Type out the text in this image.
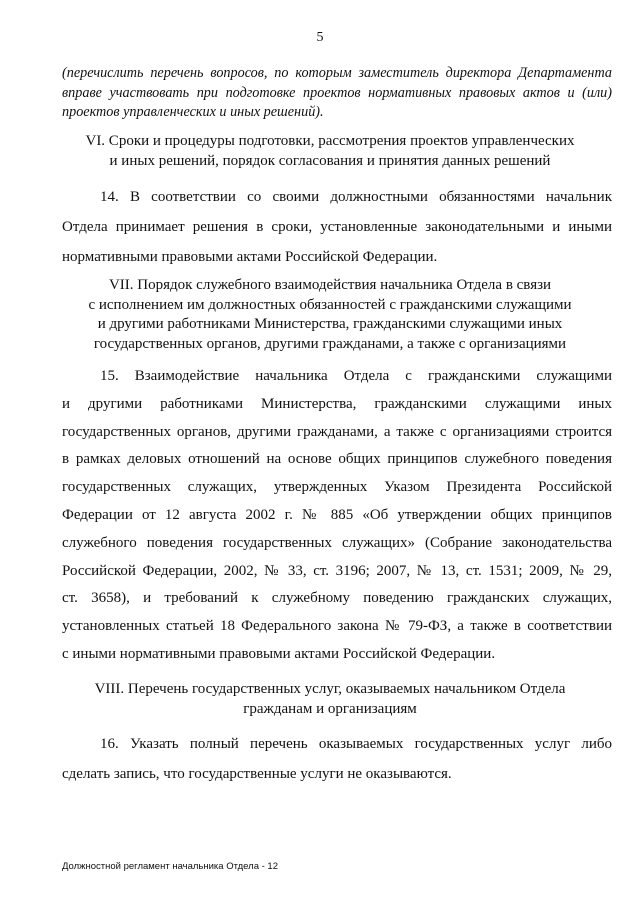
5
(перечислить перечень вопросов, по которым заместитель директора Департамента вправе участвовать при подготовке проектов нормативных правовых актов и (или) проектов управленческих и иных решений).
VI. Сроки и процедуры подготовки, рассмотрения проектов управленческих
и иных решений, порядок согласования и принятия данных решений
14. В соответствии со своими должностными обязанностями начальник
Отдела принимает решения в сроки, установленные законодательными и иными
нормативными правовыми актами Российской Федерации.
VII. Порядок служебного взаимодействия начальника Отдела в связи
с исполнением им должностных обязанностей с гражданскими служащими
и другими работниками Министерства, гражданскими служащими иных
государственных органов, другими гражданами, а также с организациями
15. Взаимодействие начальника Отдела с гражданскими служащими
и другими работниками Министерства, гражданскими служащими иных
государственных органов, другими гражданами, а также с организациями строится
в рамках деловых отношений на основе общих принципов служебного поведения
государственных служащих, утвержденных Указом Президента Российской
Федерации от 12 августа 2002 г. № 885 «Об утверждении общих принципов
служебного поведения государственных служащих» (Собрание законодательства
Российской Федерации, 2002, № 33, ст. 3196; 2007, № 13, ст. 1531; 2009, № 29,
ст. 3658), и требований к служебному поведению гражданских служащих,
установленных статьей 18 Федерального закона № 79-ФЗ, а также в соответствии
с иными нормативными правовыми актами Российской Федерации.
VIII. Перечень государственных услуг, оказываемых начальником Отдела
гражданам и организациям
16. Указать полный перечень оказываемых государственных услуг либо
сделать запись, что государственные услуги не оказываются.
Должностной регламент начальника Отдела - 12
